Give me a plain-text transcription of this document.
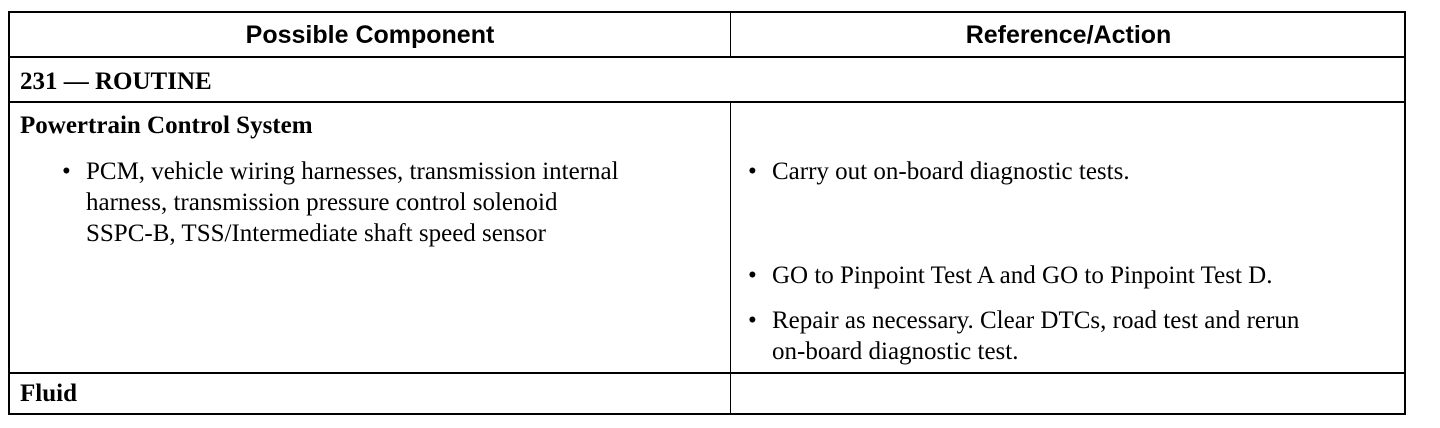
Possible Component	Reference/Action
231 — ROUTINE
Powertrain Control System
• PCM, vehicle wiring harnesses, transmission internal
harness, transmission pressure control solenoid
SSPC-B, TSS/Intermediate shaft speed sensor
• Carry out on-board diagnostic tests.
• GO to Pinpoint Test A and GO to Pinpoint Test D.
• Repair as necessary. Clear DTCs, road test and rerun
on-board diagnostic test.
Fluid
